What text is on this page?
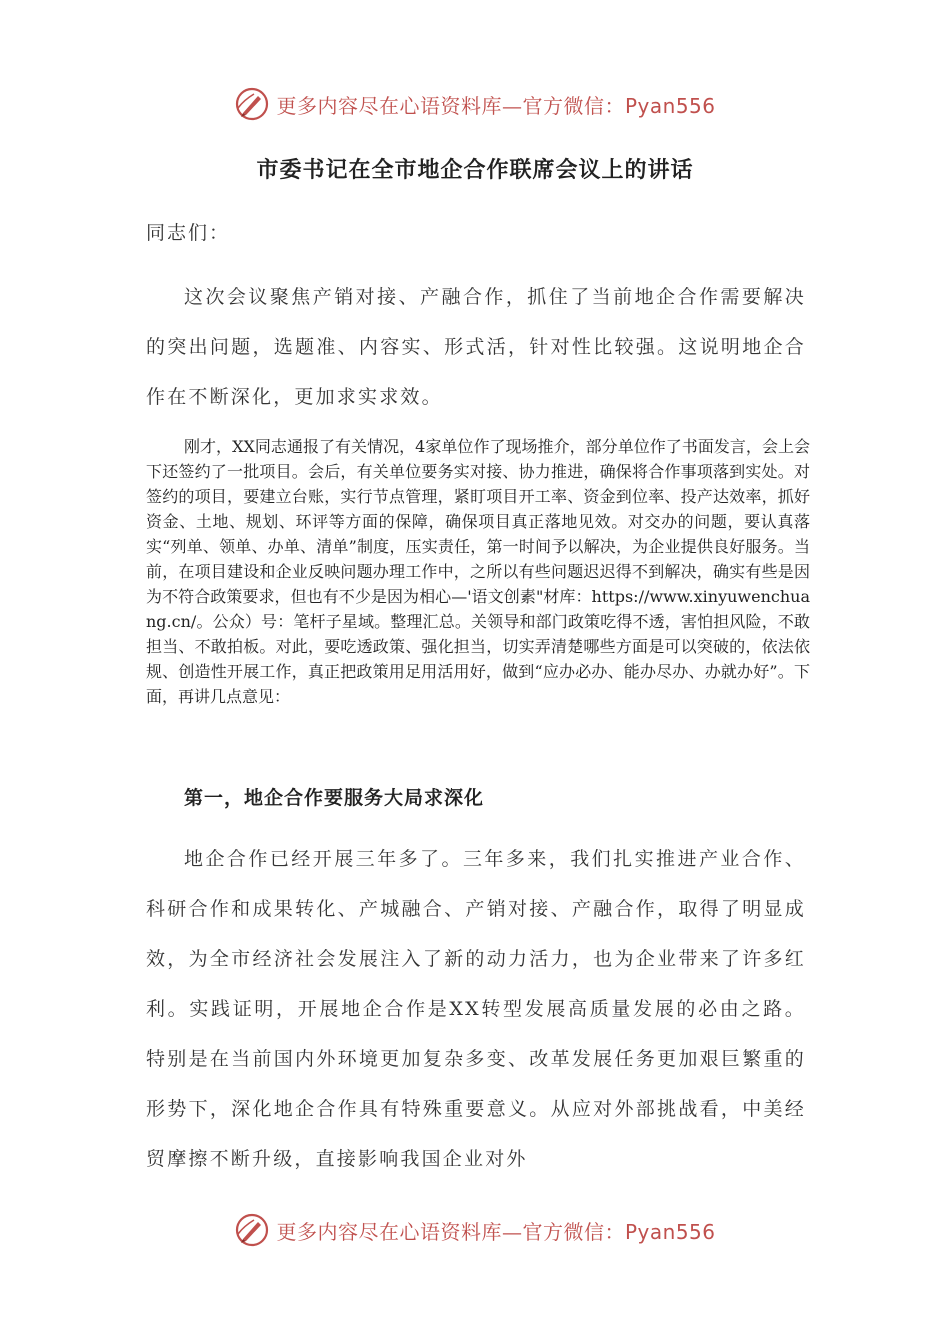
更多内容尽在心语资料库—官方微信：Pyan556
市委书记在全市地企合作联席会议上的讲话
同志们：

这次会议聚焦产销对接、产融合作，抓住了当前地企合作需要解决的突出问题，选题准、内容实、形式活，针对性比较强。这说明地企合作在不断深化，更加求实求效。

刚才，XX同志通报了有关情况，4家单位作了现场推介，部分单位作了书面发言，会上会下还签约了一批项目。会后，有关单位要务实对接、协力推进，确保将合作事项落到实处。对签约的项目，要建立台账，实行节点管理，紧盯项目开工率、资金到位率、投产达效率，抓好资金、土地、规划、环评等方面的保障，确保项目真正落地见效。对交办的问题，要认真落实“列单、领单、办单、清单”制度，压实责任，第一时间予以解决，为企业提供良好服务。当前，在项目建设和企业反映问题办理工作中，之所以有些问题迟迟得不到解决，确实有些是因为不符合政策要求，但也有不少是因为相心—'语文创素"材库：https://www.xinyuwenchuang.cn/。公众）号：笔杆子星域。整理汇总。关领导和部门政策吃得不透，害怕担风险，不敢担当、不敢拍板。对此，要吃透政策、强化担当，切实弄清楚哪些方面是可以突破的，依法依规、创造性开展工作，真正把政策用足用活用好，做到“应办必办、能办尽办、办就办好”。下面，再讲几点意见：

第一，地企合作要服务大局求深化

地企合作已经开展三年多了。三年多来，我们扎实推进产业合作、科研合作和成果转化、产城融合、产销对接、产融合作，取得了明显成效，为全市经济社会发展注入了新的动力活力，也为企业带来了许多红利。实践证明，开展地企合作是XX转型发展高质量发展的必由之路。特别是在当前国内外环境更加复杂多变、改革发展任务更加艰巨繁重的形势下，深化地企合作具有特殊重要意义。从应对外部挑战看，中美经贸摩擦不断升级，直接影响我国企业对外

更多内容尽在心语资料库—官方微信：Pyan556
